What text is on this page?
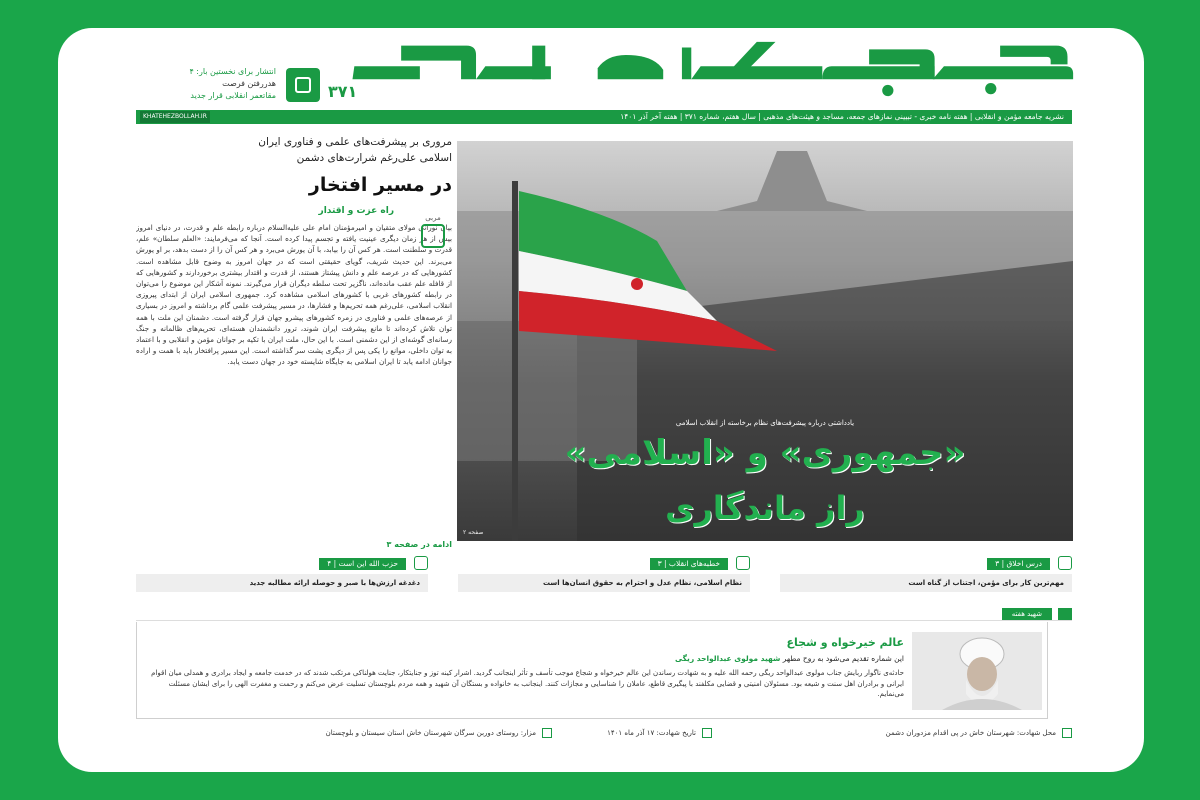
۳۷۱
انتشار برای نخستین بار: ۴
هدررفتن فرصت
مقاتعمر انقلابی قرار جدید
نشریه جامعه مؤمن و انقلابی | هفته نامه خبری - تبیینی نمازهای جمعه، مساجد و هیئت‌های مذهبی | سال هفتم، شماره ۳۷۱ | هفته آخر آذر ۱۴۰۱
KHATEHEZBOLLAH.IR
مروری بر پیشرفت‌های علمی و فناوری ایران
اسلامی علی‌رغم شرارت‌های دشمن
در مسیر افتخار
مربی
راه عزت و اقتدار
بیان نورانی مولای متقیان و امیرمؤمنان امام علی علیه‌السلام درباره رابطه علم و قدرت، در دنیای امروز بیش از هر زمان دیگری عینیت یافته و تجسم پیدا کرده است. آنجا که می‌فرمایند: «العلم سلطان» علم، قدرت و سلطنت است. هر کس آن را بیابد، با آن یورش می‌برد و هر کس آن را از دست بدهد، بر او یورش می‌برند. این حدیث شریف، گویای حقیقتی است که در جهان امروز به وضوح قابل مشاهده است. کشورهایی که در عرصه علم و دانش پیشتاز هستند، از قدرت و اقتدار بیشتری برخوردارند و کشورهایی که از قافله علم عقب مانده‌اند، ناگزیر تحت سلطه دیگران قرار می‌گیرند. نمونه آشکار این موضوع را می‌توان در رابطه کشورهای غربی با کشورهای اسلامی مشاهده کرد. جمهوری اسلامی ایران از ابتدای پیروزی انقلاب اسلامی، علی‌رغم همه تحریم‌ها و فشارها، در مسیر پیشرفت علمی گام برداشته و امروز در بسیاری از عرصه‌های علمی و فناوری در زمره کشورهای پیشرو جهان قرار گرفته است. دشمنان این ملت با همه توان تلاش کرده‌اند تا مانع پیشرفت ایران شوند، ترور دانشمندان هسته‌ای، تحریم‌های ظالمانه و جنگ رسانه‌ای گوشه‌ای از این دشمنی است. با این حال، ملت ایران با تکیه بر جوانان مؤمن و انقلابی و با اعتماد به توان داخلی، موانع را یکی پس از دیگری پشت سر گذاشته است. این مسیر پرافتخار باید با همت و اراده جوانان ادامه یابد تا ایران اسلامی به جایگاه شایسته خود در جهان دست یابد.
ادامه در صفحه ۳
یادداشتی درباره پیشرفت‌های نظام برخاسته از انقلاب اسلامی
«جمهوری» و «اسلامی»
راز ماندگاری
صفحه ۲
درس اخلاق | ۳
مهم‌ترین کار برای مؤمن، اجتناب از گناه است
خطبه‌های انقلاب | ۳
نظام اسلامی، نظام عدل و احترام به حقوق انسان‌ها است
حزب الله این است | ۴
دغدغه ارزش‌ها با صبر و حوصله ارائه مطالبه جدید
شهید هفته
عالم خیرخواه و شجاع
این شماره تقدیم می‌شود به روح مطهر شهید مولوی عبدالواحد ریگی
حادثه‌ی ناگوار ربایش جناب مولوی عبدالواحد ریگی رحمه الله علیه و به شهادت رساندن این عالم خیرخواه و شجاع موجب تأسف و تأثر اینجانب گردید. اشرار کینه توز و جنایتکار، جنایت هولناکی مرتکب شدند که در خدمت جامعه و ایجاد برادری و همدلی میان اقوام ایرانی و برادران اهل سنت و شیعه بود. مسئولان امنیتی و قضایی مکلفند با پیگیری قاطع، عاملان را شناسایی و مجازات کنند. اینجانب به خانواده و بستگان آن شهید و همه مردم بلوچستان تسلیت عرض می‌کنم و رحمت و مغفرت الهی را برای ایشان مسئلت می‌نمایم.
محل شهادت: شهرستان خاش در پی اقدام مزدوران دشمن
تاریخ شهادت: ۱۷ آذر ماه ۱۴۰۱
مزار: روستای دوربن سرگان شهرستان خاش استان سیستان و بلوچستان
